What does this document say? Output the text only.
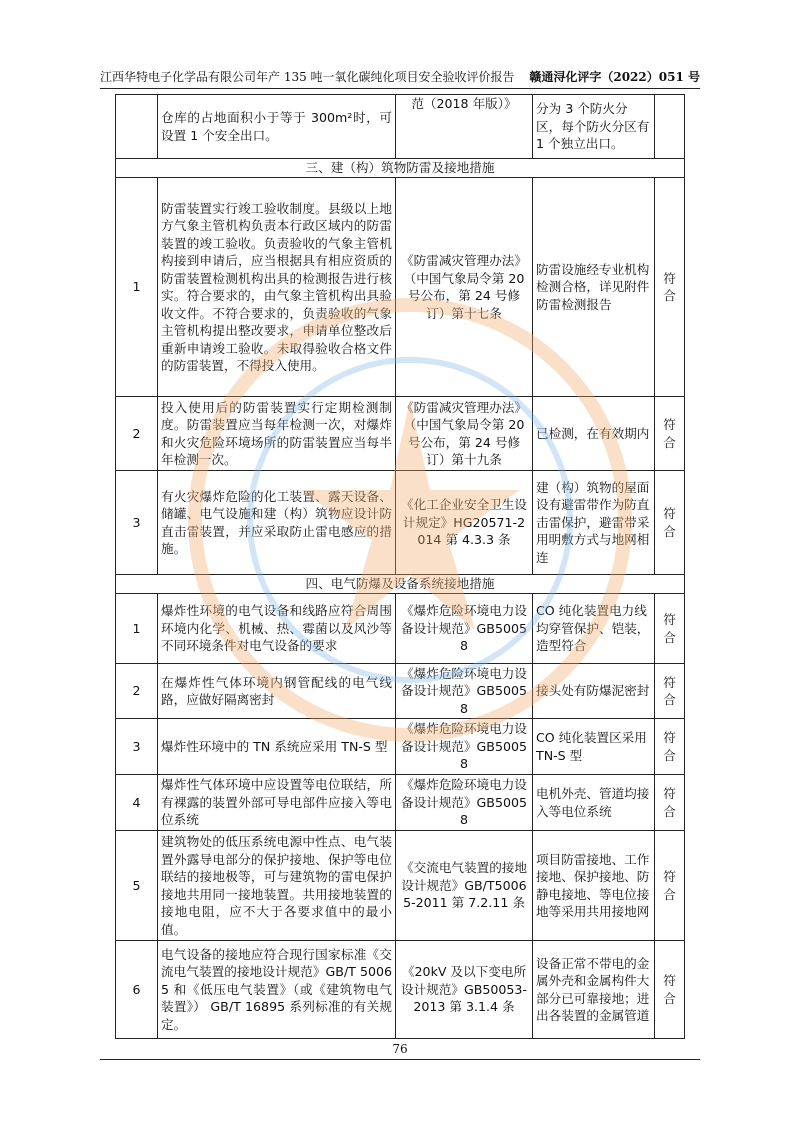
江西华特电子化学品有限公司年产 135 吨一氧化碳纯化项目安全验收评价报告 赣通浔化评字（2022）051 号
	仓库的占地面积小于等于 300m²时，可设置 1 个安全出口。	范（2018 年版）》	分为 3 个防火分区，每个防火分区有 1 个独立出口。	
三、建（构）筑物防雷及接地措施				
1	防雷装置实行竣工验收制度。县级以上地方气象主管机构负责本行政区域内的防雷装置的竣工验收。负责验收的气象主管机构接到申请后，应当根据具有相应资质的防雷装置检测机构出具的检测报告进行核实。符合要求的，由气象主管机构出具验收文件。不符合要求的，负责验收的气象主管机构提出整改要求，申请单位整改后重新申请竣工验收。未取得验收合格文件的防雷装置，不得投入使用。	《防雷减灾管理办法》（中国气象局令第 20 号公布，第 24 号修订）第十七条	防雷设施经专业机构检测合格，详见附件防雷检测报告	符合
2	投入使用后的防雷装置实行定期检测制度。防雷装置应当每年检测一次，对爆炸和火灾危险环境场所的防雷装置应当每半年检测一次。	《防雷减灾管理办法》（中国气象局令第 20 号公布，第 24 号修订）第十九条	已检测，在有效期内	符合
3	有火灾爆炸危险的化工装置、露天设备、储罐、电气设施和建（构）筑物应设计防直击雷装置，并应采取防止雷电感应的措施。	《化工企业安全卫生设计规定》HG20571-2014 第 4.3.3 条	建（构）筑物的屋面设有避雷带作为防直击雷保护，避雷带采用明敷方式与地网相连	符合
四、电气防爆及设备系统接地措施				
1	爆炸性环境的电气设备和线路应符合周围环境内化学、机械、热、霉菌以及风沙等不同环境条件对电气设备的要求	《爆炸危险环境电力设备设计规范》GB50058	CO 纯化装置电力线均穿管保护、铠装，造型符合	符合
2	在爆炸性气体环境内钢管配线的电气线路，应做好隔离密封	《爆炸危险环境电力设备设计规范》GB50058	接头处有防爆泥密封	符合
3	爆炸性环境中的 TN 系统应采用 TN-S 型	《爆炸危险环境电力设备设计规范》GB50058	CO 纯化装置区采用 TN-S 型	符合
4	爆炸性气体环境中应设置等电位联结，所有裸露的装置外部可导电部件应接入等电位系统	《爆炸危险环境电力设备设计规范》GB50058	电机外壳、管道均接入等电位系统	符合
5	建筑物处的低压系统电源中性点、电气装置外露导电部分的保护接地、保护等电位联结的接地极等，可与建筑物的雷电保护接地共用同一接地装置。共用接地装置的接地电阻，应不大于各要求值中的最小值。	《交流电气装置的接地设计规范》GB/T50065-2011 第 7.2.11 条	项目防雷接地、工作接地、保护接地、防静电接地、等电位接地等采用共用接地网	符合
6	电气设备的接地应符合现行国家标准《交流电气装置的接地设计规范》GB/T 50065 和《低压电气装置》（或《建筑物电气装置》） GB/T 16895 系列标准的有关规定。	《20kV 及以下变电所设计规范》GB50053-2013 第 3.1.4 条	设备正常不带电的金属外壳和金属构件大部分已可靠接地；进出各装置的金属管道	符合
76
